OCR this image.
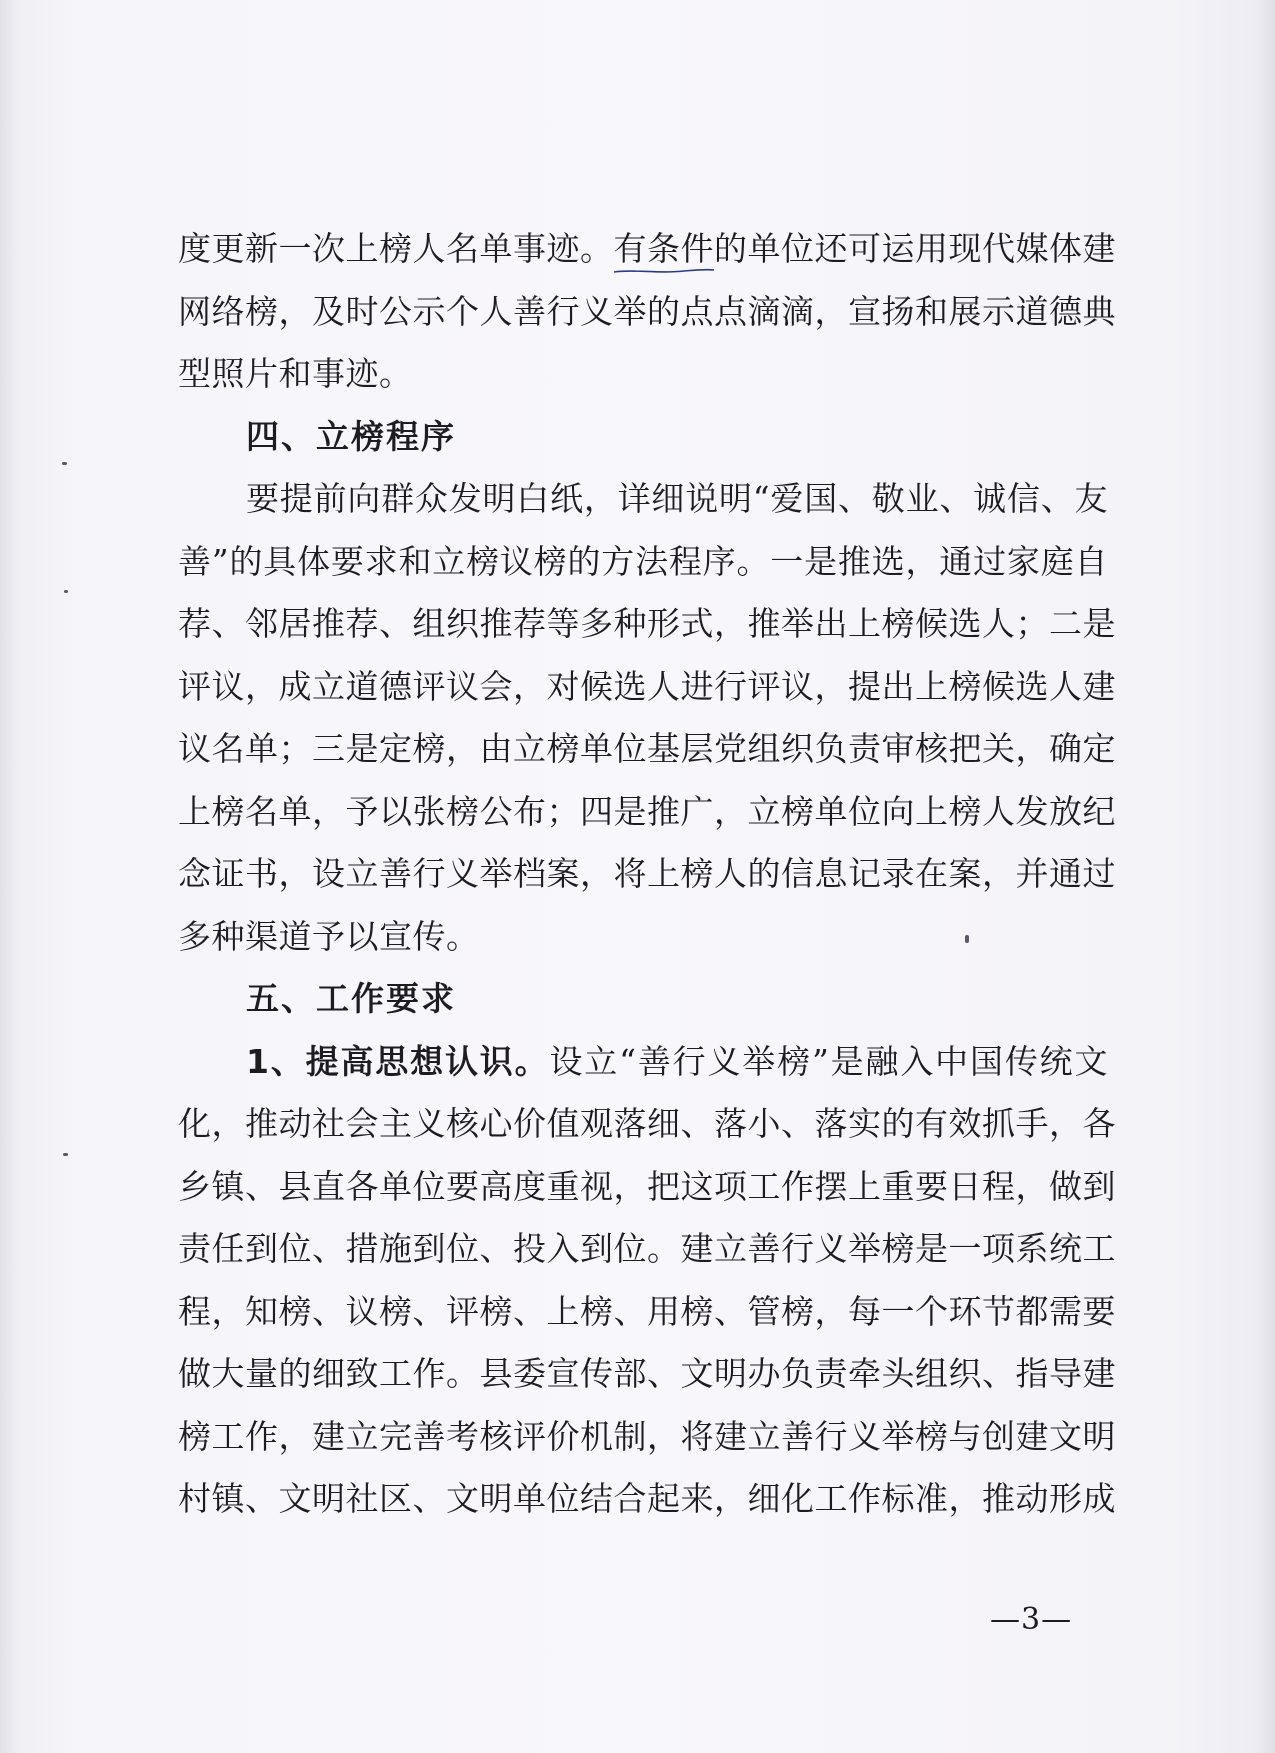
度更新一次上榜人名单事迹。有条件的单位还可运用现代媒体建
网络榜，及时公示个人善行义举的点点滴滴，宣扬和展示道德典
型照片和事迹。
四、立榜程序
要提前向群众发明白纸，详细说明“爱国、敬业、诚信、友
善”的具体要求和立榜议榜的方法程序。一是推选，通过家庭自
荐、邻居推荐、组织推荐等多种形式，推举出上榜候选人；二是
评议，成立道德评议会，对候选人进行评议，提出上榜候选人建
议名单；三是定榜，由立榜单位基层党组织负责审核把关，确定
上榜名单，予以张榜公布；四是推广，立榜单位向上榜人发放纪
念证书，设立善行义举档案，将上榜人的信息记录在案，并通过
多种渠道予以宣传。
五、工作要求
1、提高思想认识。设立“善行义举榜”是融入中国传统文
化，推动社会主义核心价值观落细、落小、落实的有效抓手，各
乡镇、县直各单位要高度重视，把这项工作摆上重要日程，做到
责任到位、措施到位、投入到位。建立善行义举榜是一项系统工
程，知榜、议榜、评榜、上榜、用榜、管榜，每一个环节都需要
做大量的细致工作。县委宣传部、文明办负责牵头组织、指导建
榜工作，建立完善考核评价机制，将建立善行义举榜与创建文明
村镇、文明社区、文明单位结合起来，细化工作标准，推动形成
—3—
